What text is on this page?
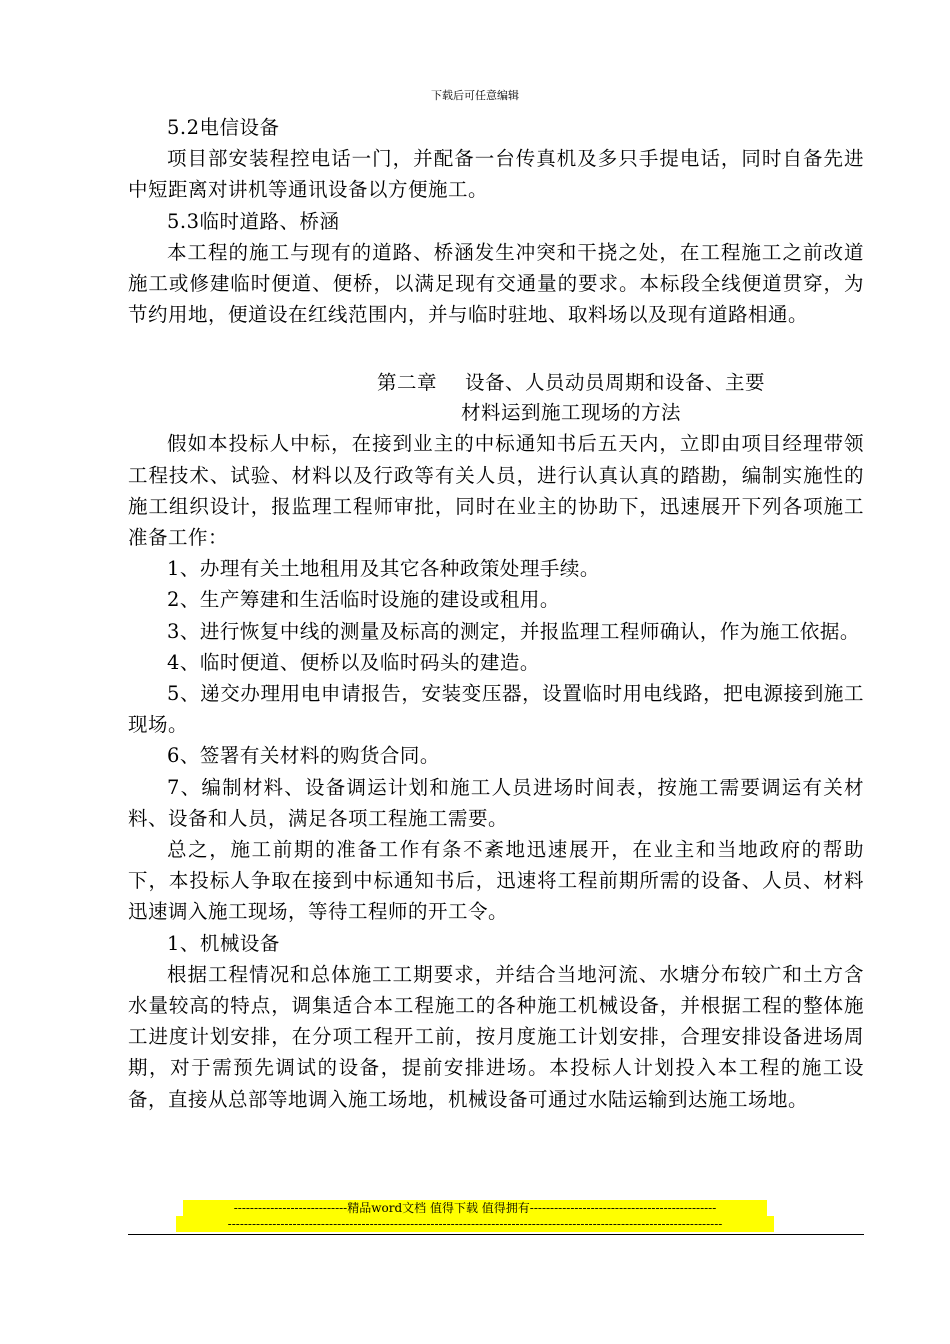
下载后可任意编辑

5.2电信设备

项目部安装程控电话一门，并配备一台传真机及多只手提电话，同时自备先进中短距离对讲机等通讯设备以方便施工。

5.3临时道路、桥涵

本工程的施工与现有的道路、桥涵发生冲突和干挠之处，在工程施工之前改道施工或修建临时便道、便桥，以满足现有交通量的要求。本标段全线便道贯穿，为节约用地，便道设在红线范围内，并与临时驻地、取料场以及现有道路相通。

第二章 设备、人员动员周期和设备、主要

材料运到施工现场的方法

假如本投标人中标，在接到业主的中标通知书后五天内，立即由项目经理带领工程技术、试验、材料以及行政等有关人员，进行认真认真的踏勘，编制实施性的施工组织设计，报监理工程师审批，同时在业主的协助下，迅速展开下列各项施工准备工作：

1、办理有关土地租用及其它各种政策处理手续。

2、生产筹建和生活临时设施的建设或租用。

3、进行恢复中线的测量及标高的测定，并报监理工程师确认，作为施工依据。

4、临时便道、便桥以及临时码头的建造。

5、递交办理用电申请报告，安装变压器，设置临时用电线路，把电源接到施工现场。

6、签署有关材料的购货合同。

7、编制材料、设备调运计划和施工人员进场时间表，按施工需要调运有关材料、设备和人员，满足各项工程施工需要。

总之，施工前期的准备工作有条不紊地迅速展开，在业主和当地政府的帮助下，本投标人争取在接到中标通知书后，迅速将工程前期所需的设备、人员、材料迅速调入施工现场，等待工程师的开工令。

1、机械设备

根据工程情况和总体施工工期要求，并结合当地河流、水塘分布较广和土方含水量较高的特点，调集适合本工程施工的各种施工机械设备，并根据工程的整体施工进度计划安排，在分项工程开工前，按月度施工计划安排，合理安排设备进场周期，对于需预先调试的设备，提前安排进场。本投标人计划投入本工程的施工设备，直接从总部等地调入施工场地，机械设备可通过水陆运输到达施工场地。

----------------------------精品word文档 值得下载 值得拥有----------------------------------------------
--------------------------------------------------------------------------------------------------------------------------
